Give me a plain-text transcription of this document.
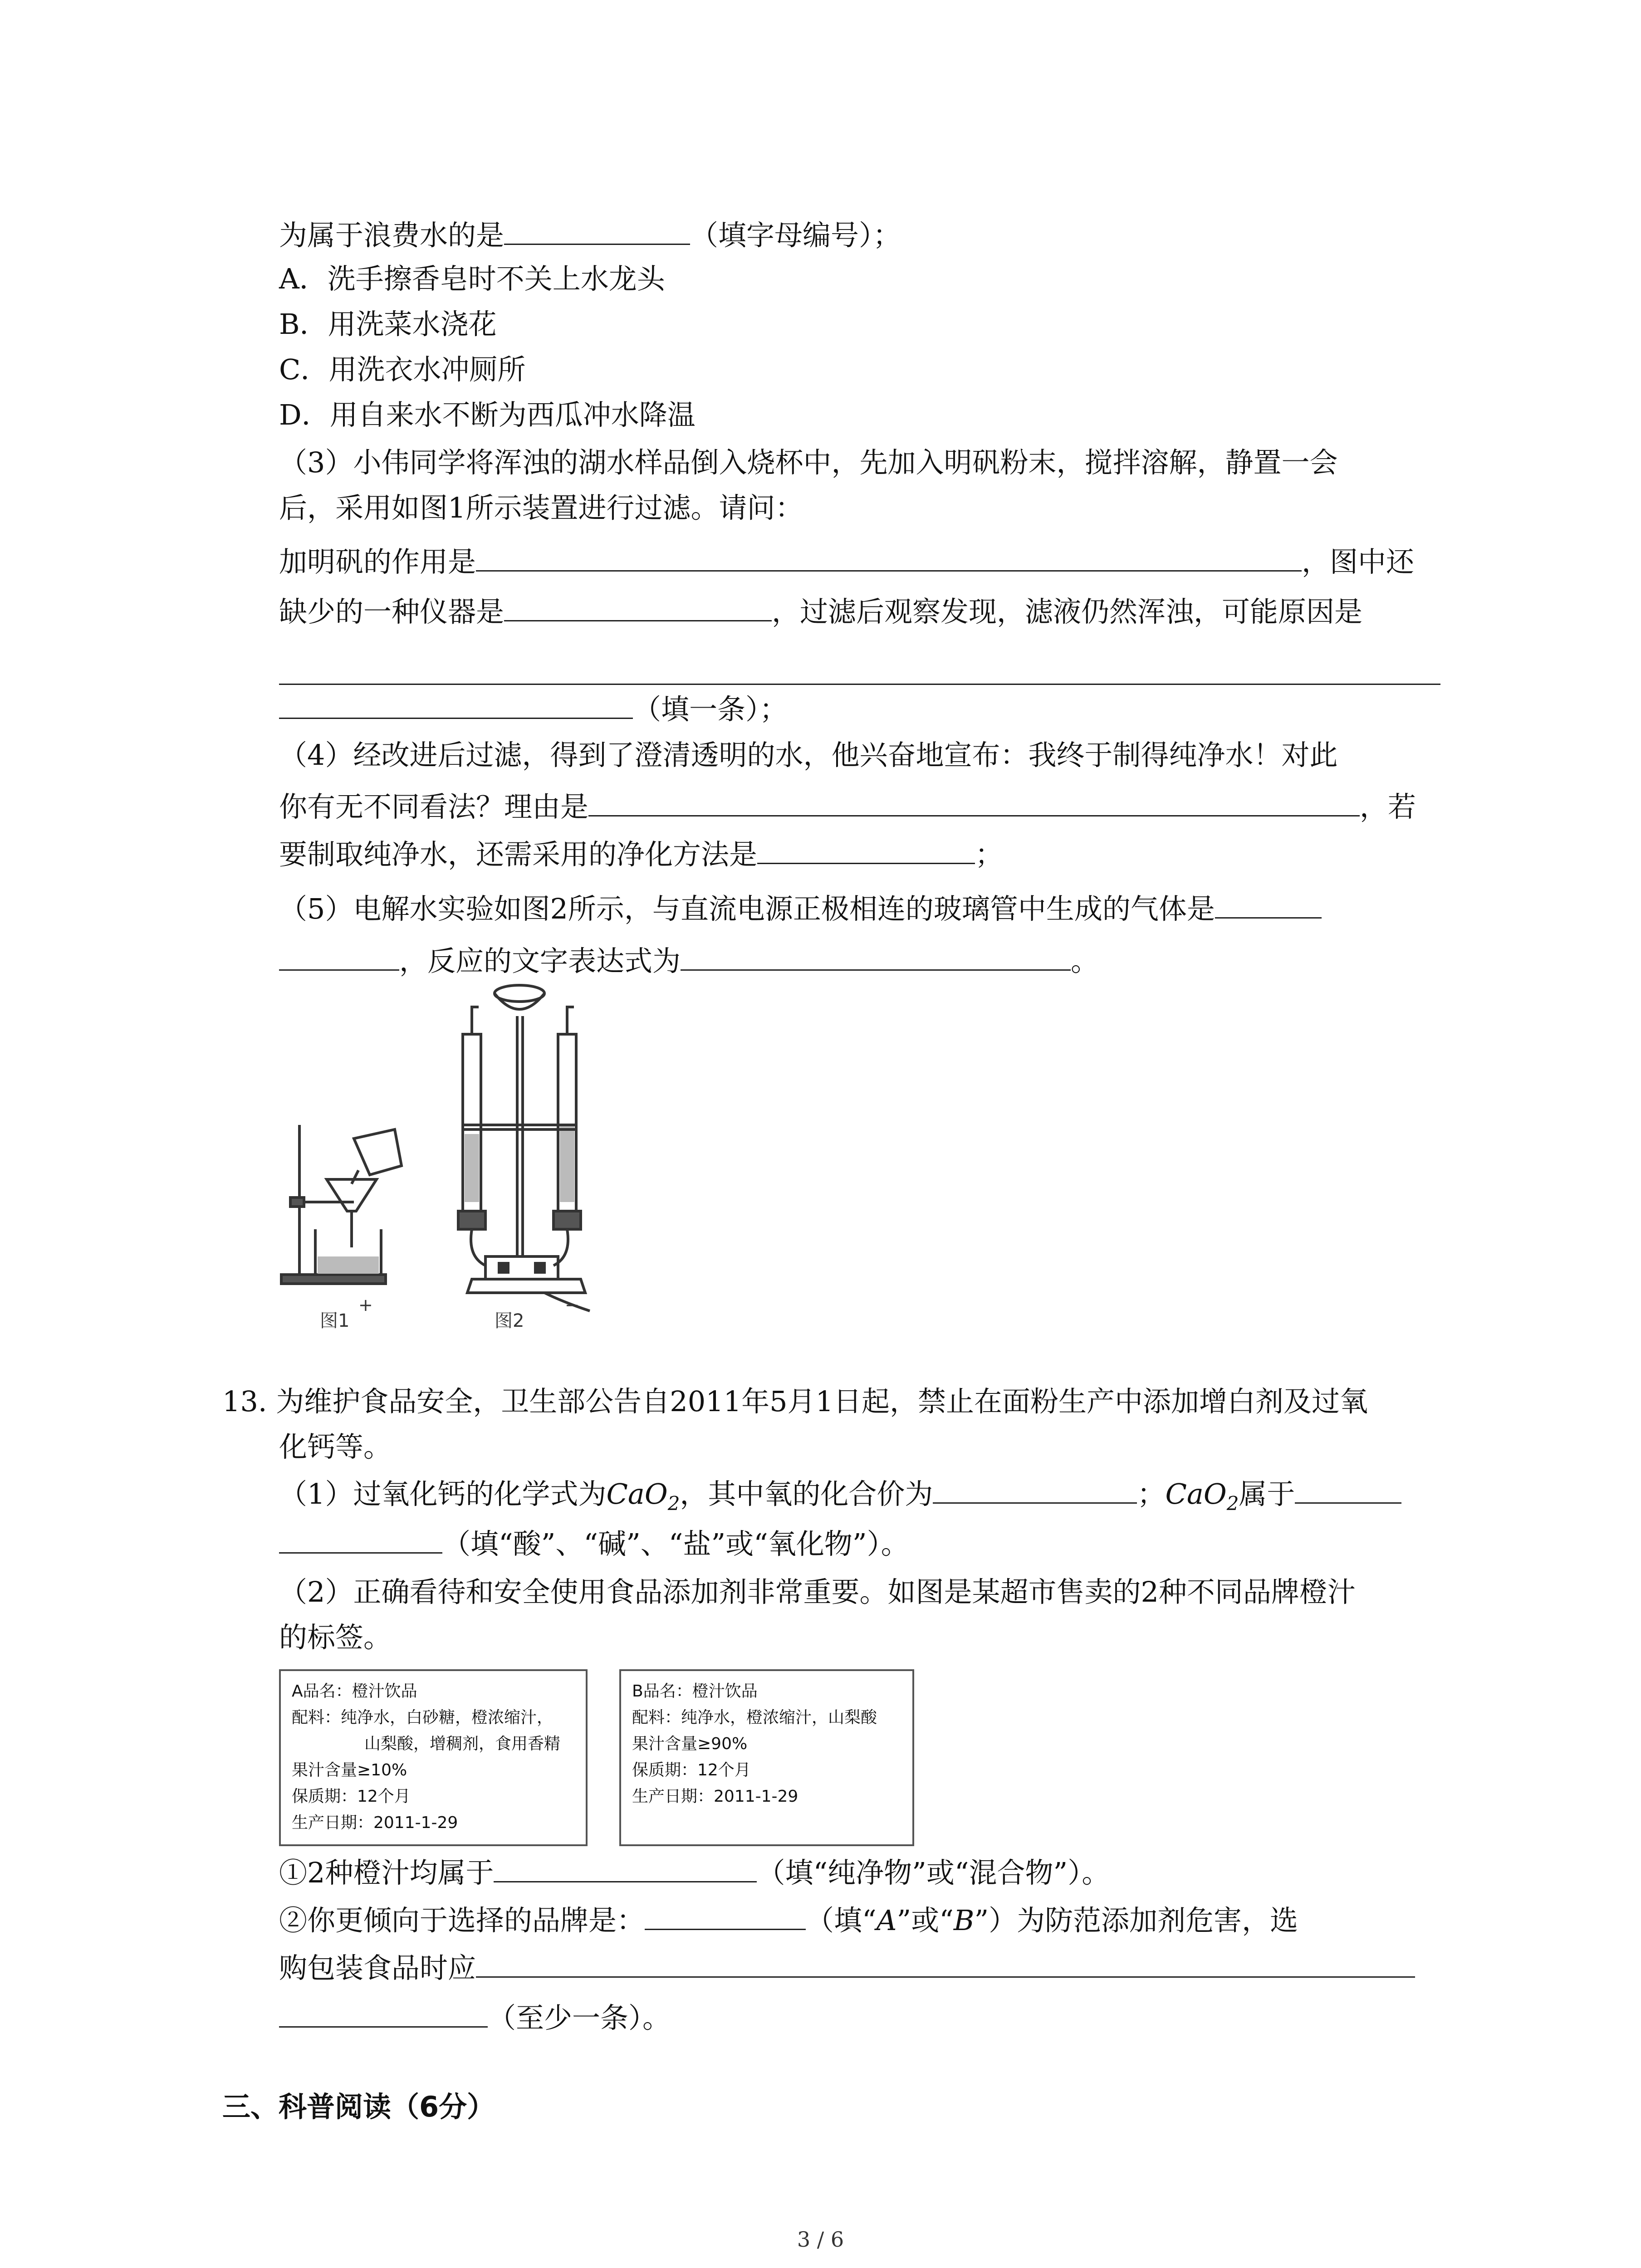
为属于浪费水的是	（填字母编号）；
A．洗手擦香皂时不关上水龙头
B．用洗菜水浇花
C．用洗衣水冲厕所
D．用自来水不断为西瓜冲水降温
（3）小伟同学将浑浊的湖水样品倒入烧杯中，先加入明矾粉末，搅拌溶解，静置一会
后，采用如图1所示装置进行过滤。请问：
加明矾的作用是	，图中还
缺少的一种仪器是	，过滤后观察发现，滤液仍然浑浊，可能原因是
（填一条）；
（4）经改进后过滤，得到了澄清透明的水，他兴奋地宣布：我终于制得纯净水！对此
你有无不同看法？理由是	，若
要制取纯净水，还需采用的净化方法是	；
（5）电解水实验如图2所示，与直流电源正极相连的玻璃管中生成的气体是
，反应的文字表达式为	。
+	−
图1	图2
13. 为维护食品安全，卫生部公告自2011年5月1日起，禁止在面粉生产中添加增白剂及过氧
化钙等。
（1）过氧化钙的化学式为CaO$_2$，其中氧的化合价为	；CaO$_2$属于
（填“酸”、“碱”、“盐”或“氧化物”）。
（2）正确看待和安全使用食品添加剂非常重要。如图是某超市售卖的2种不同品牌橙汁
的标签。
A品名：橙汁饮品
配料：纯净水，白砂糖，橙浓缩汁，
山梨酸，增稠剂，食用香精
果汁含量≥10%
保质期：12个月
生产日期：2011-1-29
B品名：橙汁饮品
配料：纯净水，橙浓缩汁，山梨酸
果汁含量≥90%
保质期：12个月
生产日期：2011-1-29
①2种橙汁均属于	（填“纯净物”或“混合物”）。
②你更倾向于选择的品牌是：	（填“A”或“B”）为防范添加剂危害，选
购包装食品时应
（至少一条）。
三、科普阅读（6分）
3 / 6
